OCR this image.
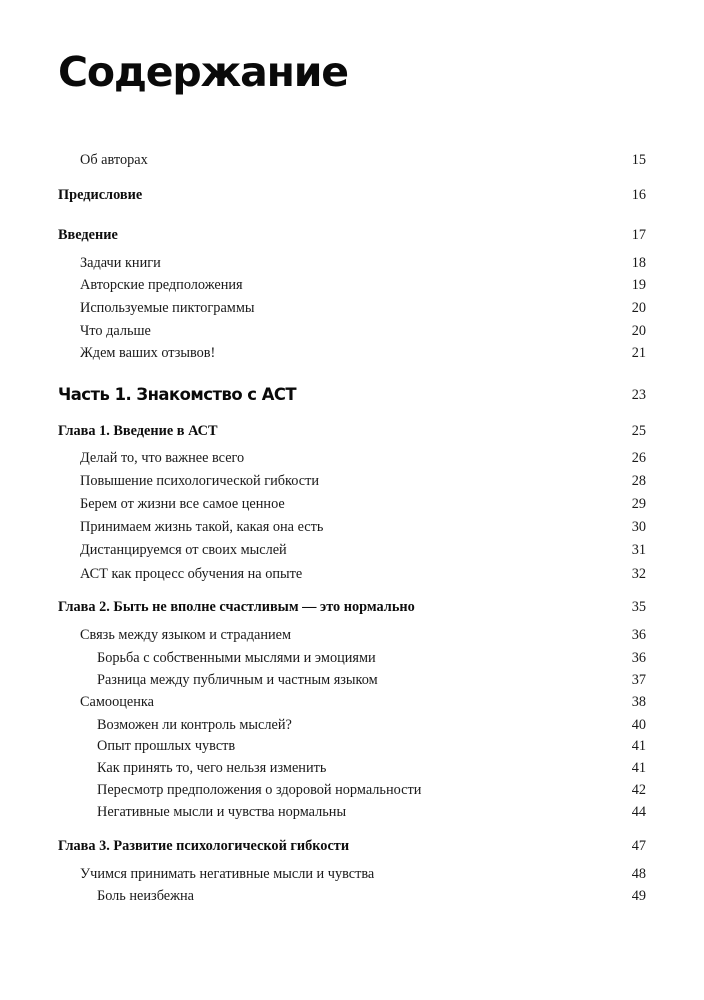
Содержание
Об авторах	15
Предисловие	16
Введение	17
Задачи книги	18
Авторские предположения	19
Используемые пиктограммы	20
Что дальше	20
Ждем ваших отзывов!	21
Часть 1. Знакомство с АСТ	23
Глава 1. Введение в АСТ	25
Делай то, что важнее всего	26
Повышение психологической гибкости	28
Берем от жизни все самое ценное	29
Принимаем жизнь такой, какая она есть	30
Дистанцируемся от своих мыслей	31
АСТ как процесс обучения на опыте	32
Глава 2. Быть не вполне счастливым — это нормально	35
Связь между языком и страданием	36
Борьба с собственными мыслями и эмоциями	36
Разница между публичным и частным языком	37
Самооценка	38
Возможен ли контроль мыслей?	40
Опыт прошлых чувств	41
Как принять то, чего нельзя изменить	41
Пересмотр предположения о здоровой нормальности	42
Негативные мысли и чувства нормальны	44
Глава 3. Развитие психологической гибкости	47
Учимся принимать негативные мысли и чувства	48
Боль неизбежна	49
